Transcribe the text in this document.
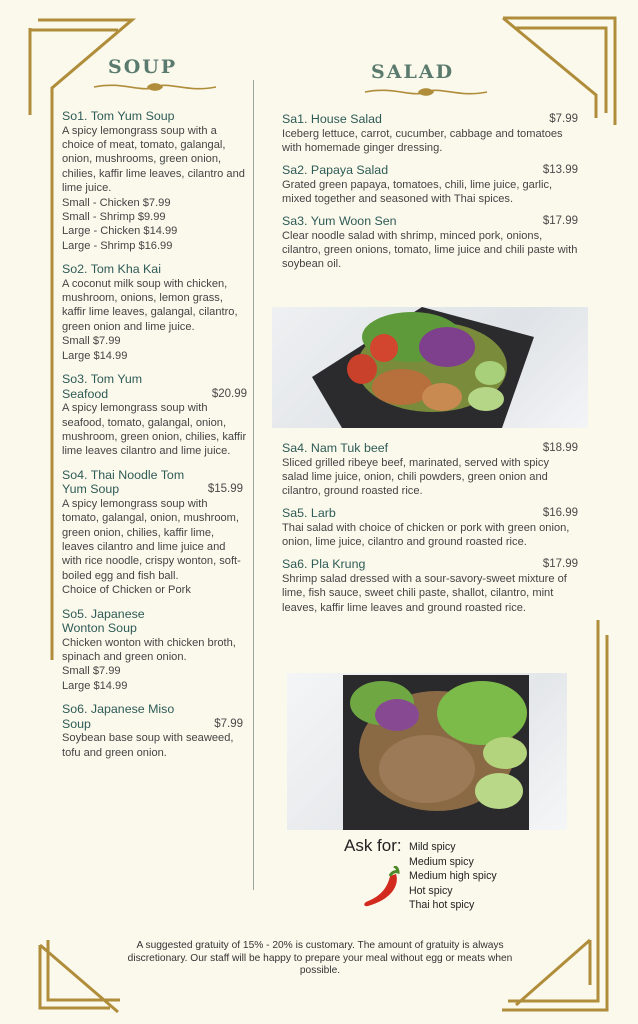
SOUP	SALAD
So1. Tom Yum Soup
A spicy lemongrass soup with a choice of meat, tomato, galangal, onion, mushrooms, green onion, chilies, kaffir lime leaves, cilantro and lime juice.
Small - Chicken $7.99
Small - Shrimp $9.99
Large - Chicken $14.99
Large - Shrimp $16.99
So2. Tom Kha Kai
A coconut milk soup with chicken, mushroom, onions, lemon grass, kaffir lime leaves, galangal, cilantro, green onion and lime juice.
Small $7.99
Large $14.99
So3. Tom Yum Seafood	$20.99
A spicy lemongrass soup with seafood, tomato, galangal, onion, mushroom, green onion, chilies, kaffir lime leaves cilantro and lime juice.
So4. Thai Noodle Tom Yum Soup	$15.99
A spicy lemongrass soup with tomato, galangal, onion, mushroom, green onion, chilies, kaffir lime, leaves cilantro and lime juice and with rice noodle, crispy wonton, soft-boiled egg and fish ball.
Choice of Chicken or Pork
So5. Japanese Wonton Soup
Chicken wonton with chicken broth, spinach and green onion.
Small $7.99
Large $14.99
So6. Japanese Miso Soup	$7.99
Soybean base soup with seaweed, tofu and green onion.
Sa1. House Salad	$7.99
Iceberg lettuce, carrot, cucumber, cabbage and tomatoes with homemade ginger dressing.
Sa2. Papaya Salad	$13.99
Grated green papaya, tomatoes, chili, lime juice, garlic, mixed together and seasoned with Thai spices.
Sa3. Yum Woon Sen	$17.99
Clear noodle salad with shrimp, minced pork, onions, cilantro, green onions, tomato, lime juice and chili paste with soybean oil.
Sa4. Nam Tuk beef	$18.99
Sliced grilled ribeye beef, marinated, served with spicy salad lime juice, onion, chili powders, green onion and cilantro, ground roasted rice.
Sa5. Larb	$16.99
Thai salad with choice of chicken or pork with green onion, onion, lime juice, cilantro and ground roasted rice.
Sa6. Pla Krung	$17.99
Shrimp salad dressed with a sour-savory-sweet mixture of lime, fish sauce, sweet chili paste, shallot, cilantro, mint leaves, kaffir lime leaves and ground roasted rice.
Ask for: Mild spicy
Medium spicy
Medium high spicy
Hot spicy
Thai hot spicy
A suggested gratuity of 15% - 20% is customary. The amount of gratuity is always discretionary. Our staff will be happy to prepare your meal without egg or meats when possible.
